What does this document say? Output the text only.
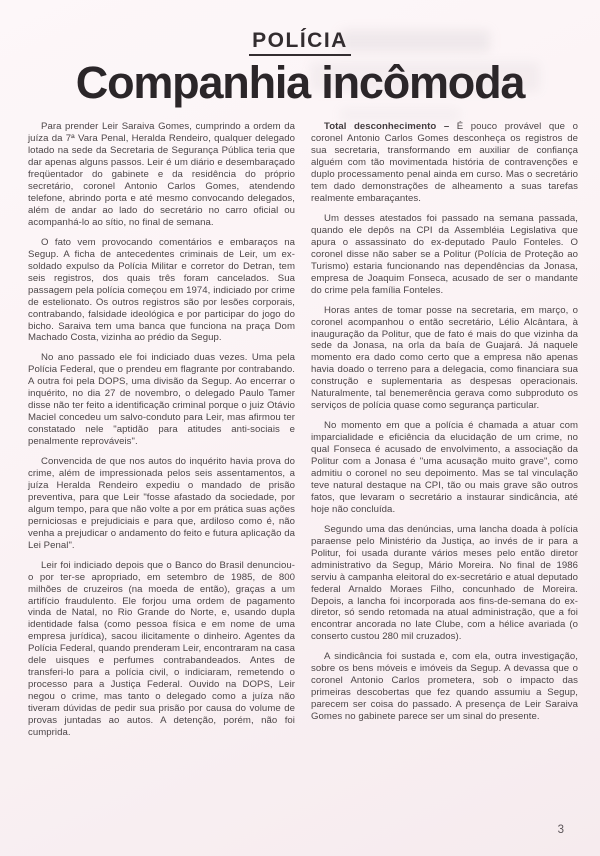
POLÍCIA
Companhia incômoda

Para prender Leir Saraiva Gomes, cumprindo a ordem da juíza da 7ª Vara Penal, Heralda Rendeiro, qualquer delegado lotado na sede da Secretaria de Segurança Pública teria que dar apenas alguns passos. Leir é um diário e desembaraçado freqüentador do gabinete e da residência do próprio secretário, coronel Antonio Carlos Gomes, atendendo telefone, abrindo porta e até mesmo convocando delegados, além de andar ao lado do secretário no carro oficial ou acompanhá-lo ao sítio, no final de semana.

O fato vem provocando comentários e embaraços na Segup. A ficha de antecedentes criminais de Leir, um ex-soldado expulso da Polícia Militar e corretor do Detran, tem seis registros, dos quais três foram cancelados. Sua passagem pela polícia começou em 1974, indiciado por crime de estelionato. Os outros registros são por lesões corporais, contrabando, falsidade ideológica e por participar do jogo do bicho. Saraiva tem uma banca que funciona na praça Dom Machado Costa, vizinha ao prédio da Segup.

No ano passado ele foi indiciado duas vezes. Uma pela Polícia Federal, que o prendeu em flagrante por contrabando. A outra foi pela DOPS, uma divisão da Segup. Ao encerrar o inquérito, no dia 27 de novembro, o delegado Paulo Tamer disse não ter feito a identificação criminal porque o juiz Otávio Maciel concedeu um salvo-conduto para Leir, mas afirmou ter constatado nele "aptidão para atitudes anti-sociais e penalmente reprováveis".

Convencida de que nos autos do inquérito havia prova do crime, além de impressionada pelos seis assentamentos, a juíza Heralda Rendeiro expediu o mandado de prisão preventiva, para que Leir "fosse afastado da sociedade, por algum tempo, para que não volte a por em prática suas ações perniciosas e prejudiciais e para que, ardiloso como é, não venha a prejudicar o andamento do feito e futura aplicação da Lei Penal".

Leir foi indiciado depois que o Banco do Brasil denunciou-o por ter-se apropriado, em setembro de 1985, de 800 milhões de cruzeiros (na moeda de então), graças a um artifício fraudulento. Ele forjou uma ordem de pagamento vinda de Natal, no Rio Grande do Norte, e, usando dupla identidade falsa (como pessoa física e em nome de uma empresa jurídica), sacou ilicitamente o dinheiro. Agentes da Polícia Federal, quando prenderam Leir, encontraram na casa dele uisques e perfumes contrabandeados. Antes de transferi-lo para a polícia civil, o indiciaram, remetendo o processo para a Justiça Federal. Ouvido na DOPS, Leir negou o crime, mas tanto o delegado como a juíza não tiveram dúvidas de pedir sua prisão por causa do volume de provas juntadas ao autos. A detenção, porém, não foi cumprida.

Total desconhecimento – É pouco provável que o coronel Antonio Carlos Gomes desconheça os registros de sua secretaria, transformando em auxiliar de confiança alguém com tão movimentada história de contravenções e duplo processamento penal ainda em curso. Mas o secretário tem dado demonstrações de alheamento a suas tarefas realmente embaraçantes.

Um desses atestados foi passado na semana passada, quando ele depôs na CPI da Assembléia Legislativa que apura o assassinato do ex-deputado Paulo Fonteles. O coronel disse não saber se a Politur (Polícia de Proteção ao Turismo) estaria funcionando nas dependências da Jonasa, empresa de Joaquim Fonseca, acusado de ser o mandante do crime pela família Fonteles.

Horas antes de tomar posse na secretaria, em março, o coronel acompanhou o então secretário, Lélio Alcântara, à inauguração da Politur, que de fato é mais do que vizinha da sede da Jonasa, na orla da baía de Guajará. Já naquele momento era dado como certo que a empresa não apenas havia doado o terreno para a delegacia, como financiara sua construção e suplementaria as despesas operacionais. Naturalmente, tal benemerência gerava como subproduto os serviços de polícia quase como segurança particular.

No momento em que a polícia é chamada a atuar com imparcialidade e eficiência da elucidação de um crime, no qual Fonseca é acusado de envolvimento, a associação da Politur com a Jonasa é "uma acusação muito grave", como admitiu o coronel no seu depoimento. Mas se tal vinculação teve natural destaque na CPI, tão ou mais grave são outros fatos, que levaram o secretário a instaurar sindicância, até hoje não concluída.

Segundo uma das denúncias, uma lancha doada à polícia paraense pelo Ministério da Justiça, ao invés de ir para a Politur, foi usada durante vários meses pelo então diretor administrativo da Segup, Mário Moreira. No final de 1986 serviu à campanha eleitoral do ex-secretário e atual deputado federal Arnaldo Moraes Filho, concunhado de Moreira. Depois, a lancha foi incorporada aos fins-de-semana do ex-diretor, só sendo retomada na atual administração, que a foi encontrar ancorada no Iate Clube, com a hélice avariada (o conserto custou 280 mil cruzados).

A sindicância foi sustada e, com ela, outra investigação, sobre os bens móveis e imóveis da Segup. A devassa que o coronel Antonio Carlos prometera, sob o impacto das primeiras descobertas que fez quando assumiu a Segup, parecem ser coisa do passado. A presença de Leir Saraiva Gomes no gabinete parece ser um sinal do presente.

3
